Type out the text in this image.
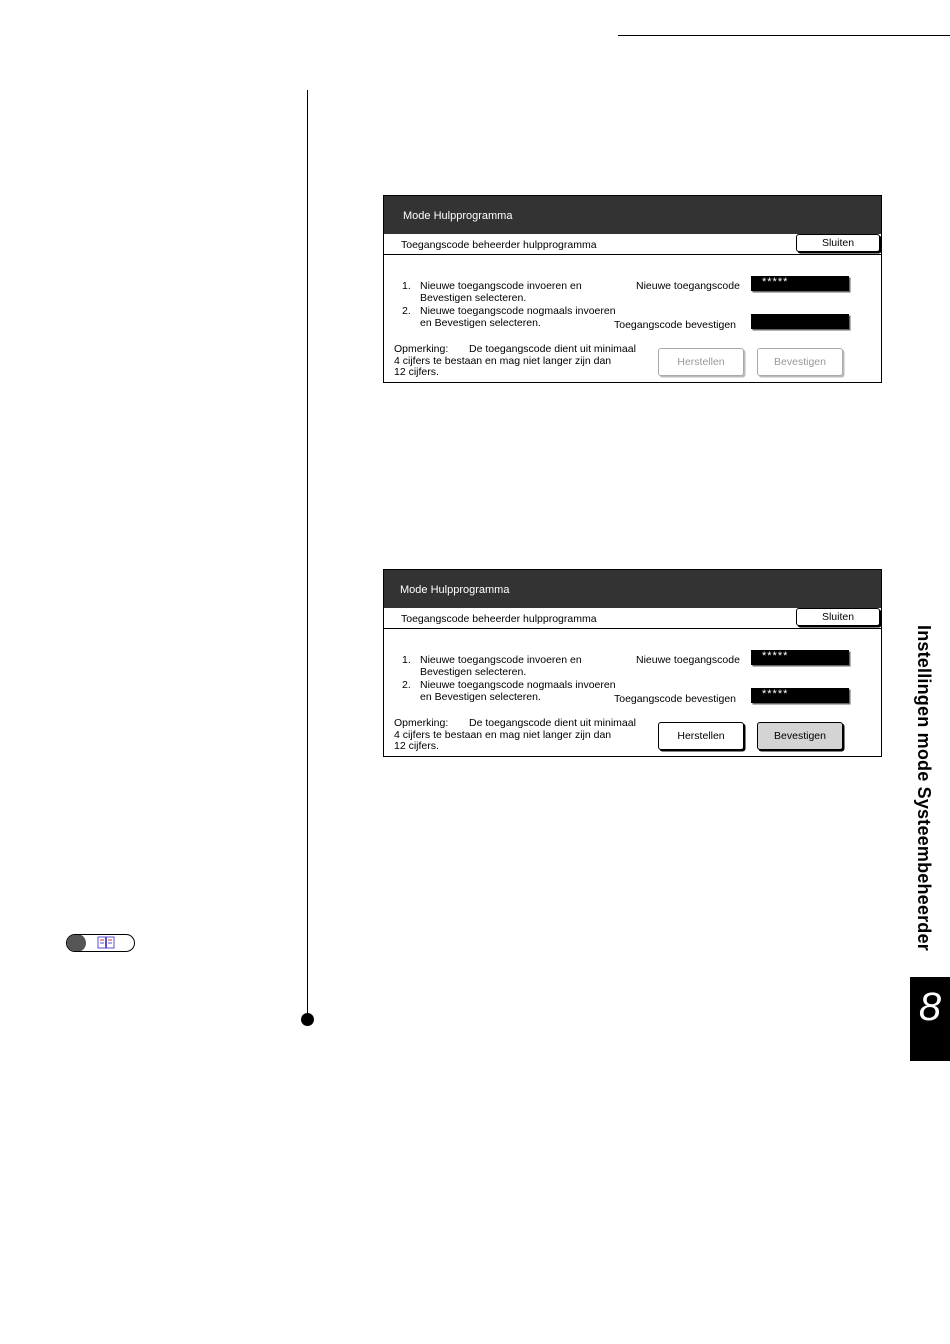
Instellingen mode Systeembeheerder
8
Mode Hulpprogramma
Toegangscode beheerder hulpprogramma	Sluiten
1. Nieuwe toegangscode invoeren en
Bevestigen selecteren.
2. Nieuwe toegangscode nogmaals invoeren
en Bevestigen selecteren.
Nieuwe toegangscode	*****
Toegangscode bevestigen
Opmerking: De toegangscode dient uit minimaal
4 cijfers te bestaan en mag niet langer zijn dan
12 cijfers.
Herstellen	Bevestigen
Mode Hulpprogramma
Toegangscode beheerder hulpprogramma	Sluiten
1. Nieuwe toegangscode invoeren en
Bevestigen selecteren.
2. Nieuwe toegangscode nogmaals invoeren
en Bevestigen selecteren.
Nieuwe toegangscode	*****
Toegangscode bevestigen	*****
Opmerking: De toegangscode dient uit minimaal
4 cijfers te bestaan en mag niet langer zijn dan
12 cijfers.
Herstellen	Bevestigen
